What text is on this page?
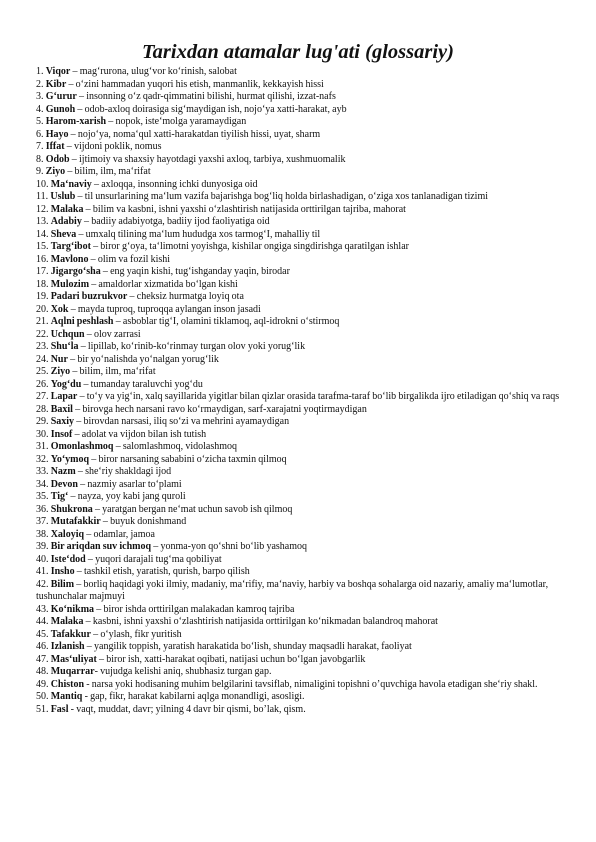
Tarixdan atamalar lug'ati (glossariy)
1. Viqor – mag‘rurona, ulug‘vor ko‘rinish, salobat
2. Kibr – o‘zini hammadan yuqori his etish, manmanlik, kekkayish hissi
3. G‘urur – insonning o‘z qadr-qimmatini bilishi, hurmat qilishi, izzat-nafs
4. Gunoh – odob-axloq doirasiga sig‘maydigan ish, nojo‘ya xatti-harakat, ayb
5. Harom-xarish – nopok, iste‘molga yaramaydigan
6. Hayo – nojo‘ya, noma‘qul xatti-harakatdan tiyilish hissi, uyat, sharm
7. Iffat – vijdoni poklik, nomus
8. Odob – ijtimoiy va shaxsiy hayotdagi yaxshi axloq, tarbiya, xushmuomalik
9. Ziyo – bilim, ilm, ma‘rifat
10. Ma‘naviy – axloqqa, insonning ichki dunyosiga oid
11. Uslub – til unsurlarining ma‘lum vazifa bajarishga bog‘liq holda birlashadigan, o‘ziga xos tanlanadigan tizimi
12. Malaka – bilim va kasbni, ishni yaxshi o‘zlashtirish natijasida orttirilgan tajriba, mahorat
13. Adabiy – badiiy adabiyotga, badiiy ijod faoliyatiga oid
14. Sheva – umxalq tilining ma‘lum hududga xos tarmog‘I, mahalliy til
15. Targ‘ibot – biror g‘oya, ta‘limotni yoyishga, kishilar ongiga singdirishga qaratilgan ishlar
16. Mavlono – olim va fozil kishi
17. Jigargo‘sha – eng yaqin kishi, tug‘ishganday yaqin, birodar
18. Mulozim – amaldorlar xizmatida bo‘lgan kishi
19. Padari buzrukvor – cheksiz hurmatga loyiq ota
20. Xok – mayda tuproq, tuproqqa aylangan inson jasadi
21. Aqlni peshlash – asboblar tig‘I, olamini tiklamoq, aql-idrokni o‘stirmoq
22. Uchqun – olov zarrasi
23. Shu‘la – lipillab, ko‘rinib-ko‘rinmay turgan olov yoki yorug‘lik
24. Nur – bir yo‘nalishda yo‘nalgan yorug‘lik
25. Ziyo – bilim, ilm, ma‘rifat
26. Yog‘du – tumanday taraluvchi yog‘du
27. Lapar – to‘y va yig‘in, xalq sayillarida yigitlar bilan qizlar orasida tarafma-taraf bo‘lib birgalikda ijro etiladigan qo‘shiq va raqs
28. Baxil – birovga hech narsani ravo ko‘rmaydigan, sarf-xarajatni yoqtirmaydigan
29. Saxiy – birovdan narsasi, iliq so‘zi va mehrini ayamaydigan
30. Insof – adolat va vijdon bilan ish tutish
31. Omonlashmoq – salomlashmoq, vidolashmoq
32. Yo‘ymoq – biror narsaning sababini o‘zicha taxmin qilmoq
33. Nazm – she‘riy shakldagi ijod
34. Devon – nazmiy asarlar to‘plami
35. Tig‘ – nayza, yoy kabi jang quroli
36. Shukrona – yaratgan bergan ne‘mat uchun savob ish qilmoq
37. Mutafakkir – buyuk donishmand
38. Xaloyiq – odamlar, jamoa
39. Bir ariqdan suv ichmoq – yonma-yon qo‘shni bo‘lib yashamoq
40. Iste‘dod – yuqori darajali tug‘ma qobiliyat
41. Insho – tashkil etish, yaratish, qurish, barpo qilish
42. Bilim – borliq haqidagi yoki ilmiy, madaniy, ma‘rifiy, ma‘naviy, harbiy va boshqa sohalarga oid nazariy, amaliy ma‘lumotlar, tushunchalar majmuyi
43. Ko‘nikma – biror ishda orttirilgan malakadan kamroq tajriba
44. Malaka – kasbni, ishni yaxshi o‘zlashtirish natijasida orttirilgan ko‘nikmadan balandroq mahorat
45. Tafakkur – o‘ylash, fikr yuritish
46. Izlanish – yangilik toppish, yaratish harakatida bo‘lish, shunday maqsadli harakat, faoliyat
47. Mas‘uliyat – biror ish, xatti-harakat oqibati, natijasi uchun bo‘lgan javobgarlik
48. Muqarrar- vujudga kelishi aniq, shubhasiz turgan gap.
49. Chiston - narsa yoki hodisaning muhim belgilarini tavsiflab, nimaligini topishni o’quvchiga havola etadigan she‘riy shakl.
50. Mantiq - gap, fikr, harakat kabilarni aqlga monandligi, asosligi.
51. Fasl - vaqt, muddat, davr; yilning 4 davr bir qismi, bo’lak, qism.
